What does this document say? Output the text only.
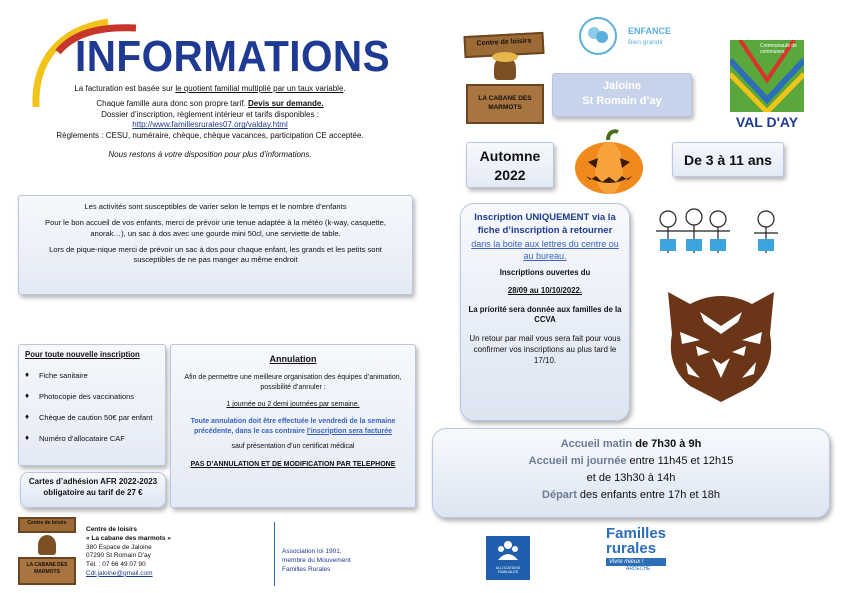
INFORMATIONS

La facturation est basée sur le quotient familial multiplié par un taux variable.

Chaque famille aura donc son propre tarif. Devis sur demande.

Dossier d’inscription, règlement intérieur et tarifs disponibles :

http://www.famillesrurales07.org/valday.html

Règlements : CESU, numéraire, chèque, chèque vacances, participation CE acceptée.

Nous restons à votre disposition pour plus d’informations.

Centre de loisirs
LA CABANE DES MARMOTS
ENFANCE
Bien grandir	Communauté de communes
VAL D'AY

Jaloine

St Romain d’ay

Automne

2022

De 3 à 11 ans

Les activités sont susceptibles de varier selon le temps et le nombre d’enfants

Pour le bon accueil de vos enfants, merci de prévoir une tenue adaptée à la météo (k-way, casquette, anorak…), un sac à dos avec une gourde mini 50cl, une serviette de table.

Lors de pique-nique merci de prévoir un sac à dos pour chaque enfant, les grands et les petits sont susceptibles de ne pas manger au même endroit

Inscription UNIQUEMENT via la fiche d’inscription à retourner

dans la boite aux lettres du centre ou au bureau.

Inscriptions ouvertes du

28/09 au 10/10/2022.

La priorité sera donnée aux familles de la CCVA

Un retour par mail vous sera fait pour vous confirmer vos inscriptions au plus tard le 17/10.

Pour toute nouvelle inscription

♦ Fiche sanitaire
♦ Photocopie des vaccinations
♦ Chèque de caution 50€ par enfant
♦ Numéro d’allocataire CAF

Cartes d’adhésion AFR 2022-2023 obligatoire au tarif de 27 €

Annulation

Afin de permettre une meilleure organisation des équipes d’animation, possibilité d’annuler :

1 journée ou 2 demi journées par semaine.

Toute annulation doit être effectuée le vendredi de la semaine précédente, dans le cas contraire l’inscription sera facturée

sauf présentation d’un certificat médical

PAS D’ANNULATION ET DE MODIFICATION PAR TELEPHONE

Accueil matin de 7h30 à 9h

Accueil mi journée entre 11h45 et 12h15

et de 13h30 à 14h

Départ des enfants entre 17h et 18h

Centre de loisirs
LA CABANE DES MARMOTS

Centre de loisirs

« La cabane des marmots »

380 Espace de Jaloine

07290 St Romain D'ay

Tél. : 07 66 49 07 90

Cdl.jaloine@gmail.com

Association loi 1901,

membre du Mouvement

Familles Rurales	ALLOCATIONS FAMILIALES
Familles
rurales
Vivre mieux !
ARDÈCHE
